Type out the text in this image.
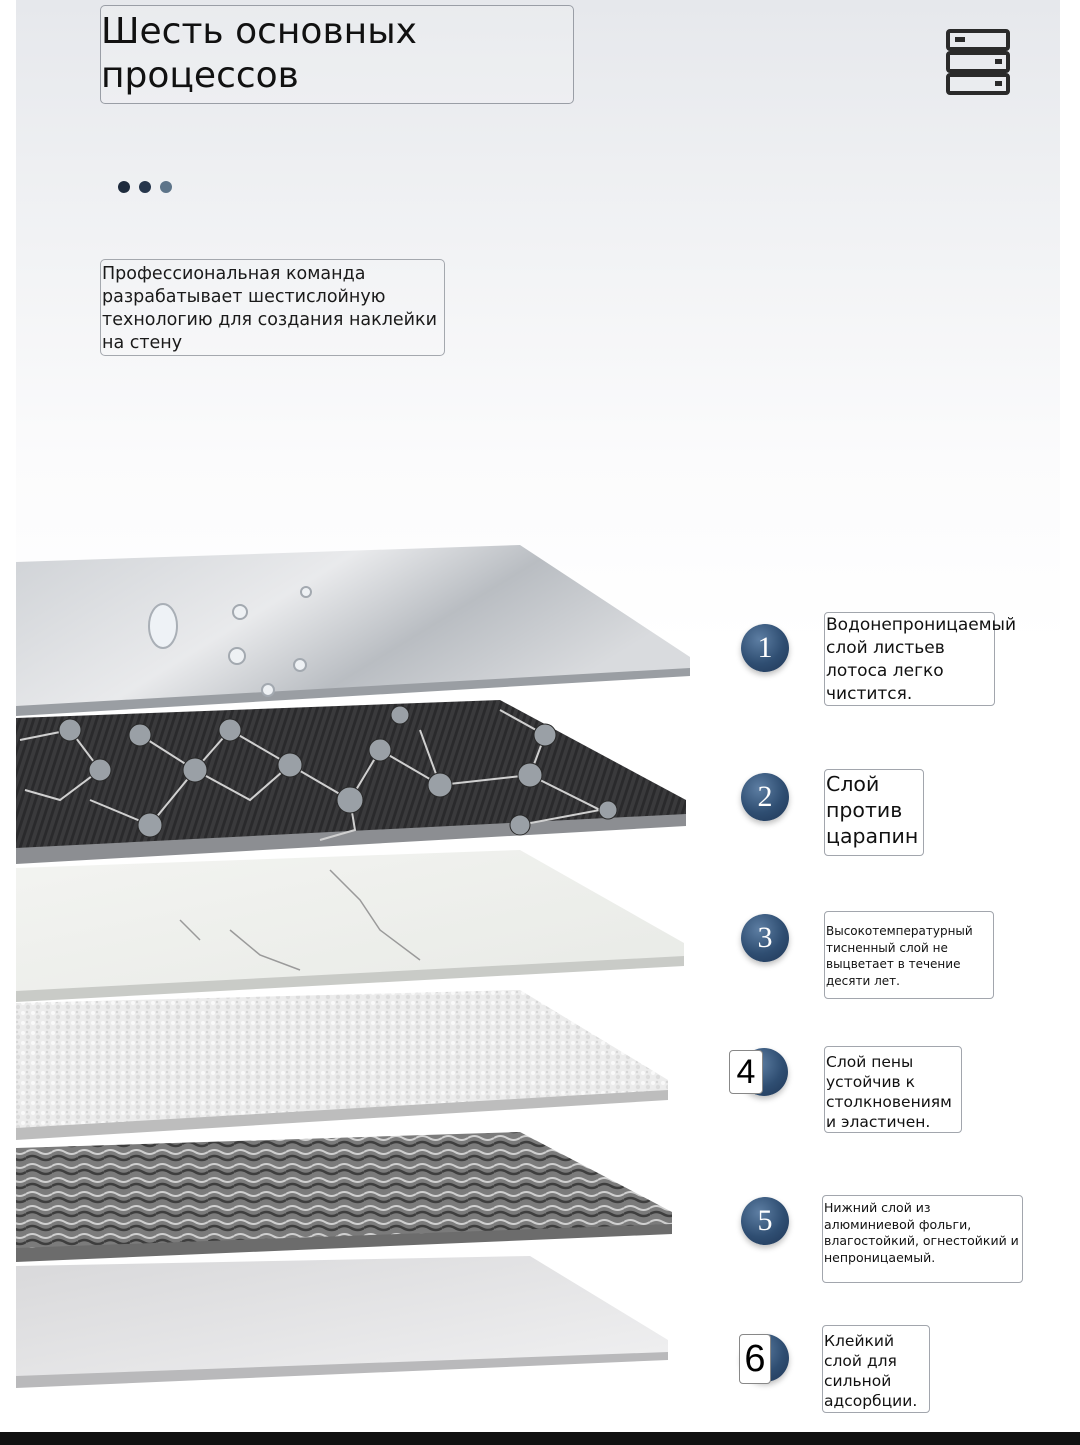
Шесть основных процессов
Профессиональная команда разрабатывает шестислойную технологию для создания наклейки на стену
1
2
3
4
5
6
Водонепроницаемый слой листьев лотоса легко чистится.
Слой против царапин
Высокотемпературный тисненный слой не выцветает в течение десяти лет.
Слой пены устойчив к столкновениям и эластичен.
Нижний слой из алюминиевой фольги, влагостойкий, огнестойкий и непроницаемый.
Клейкий слой для сильной адсорбции.
